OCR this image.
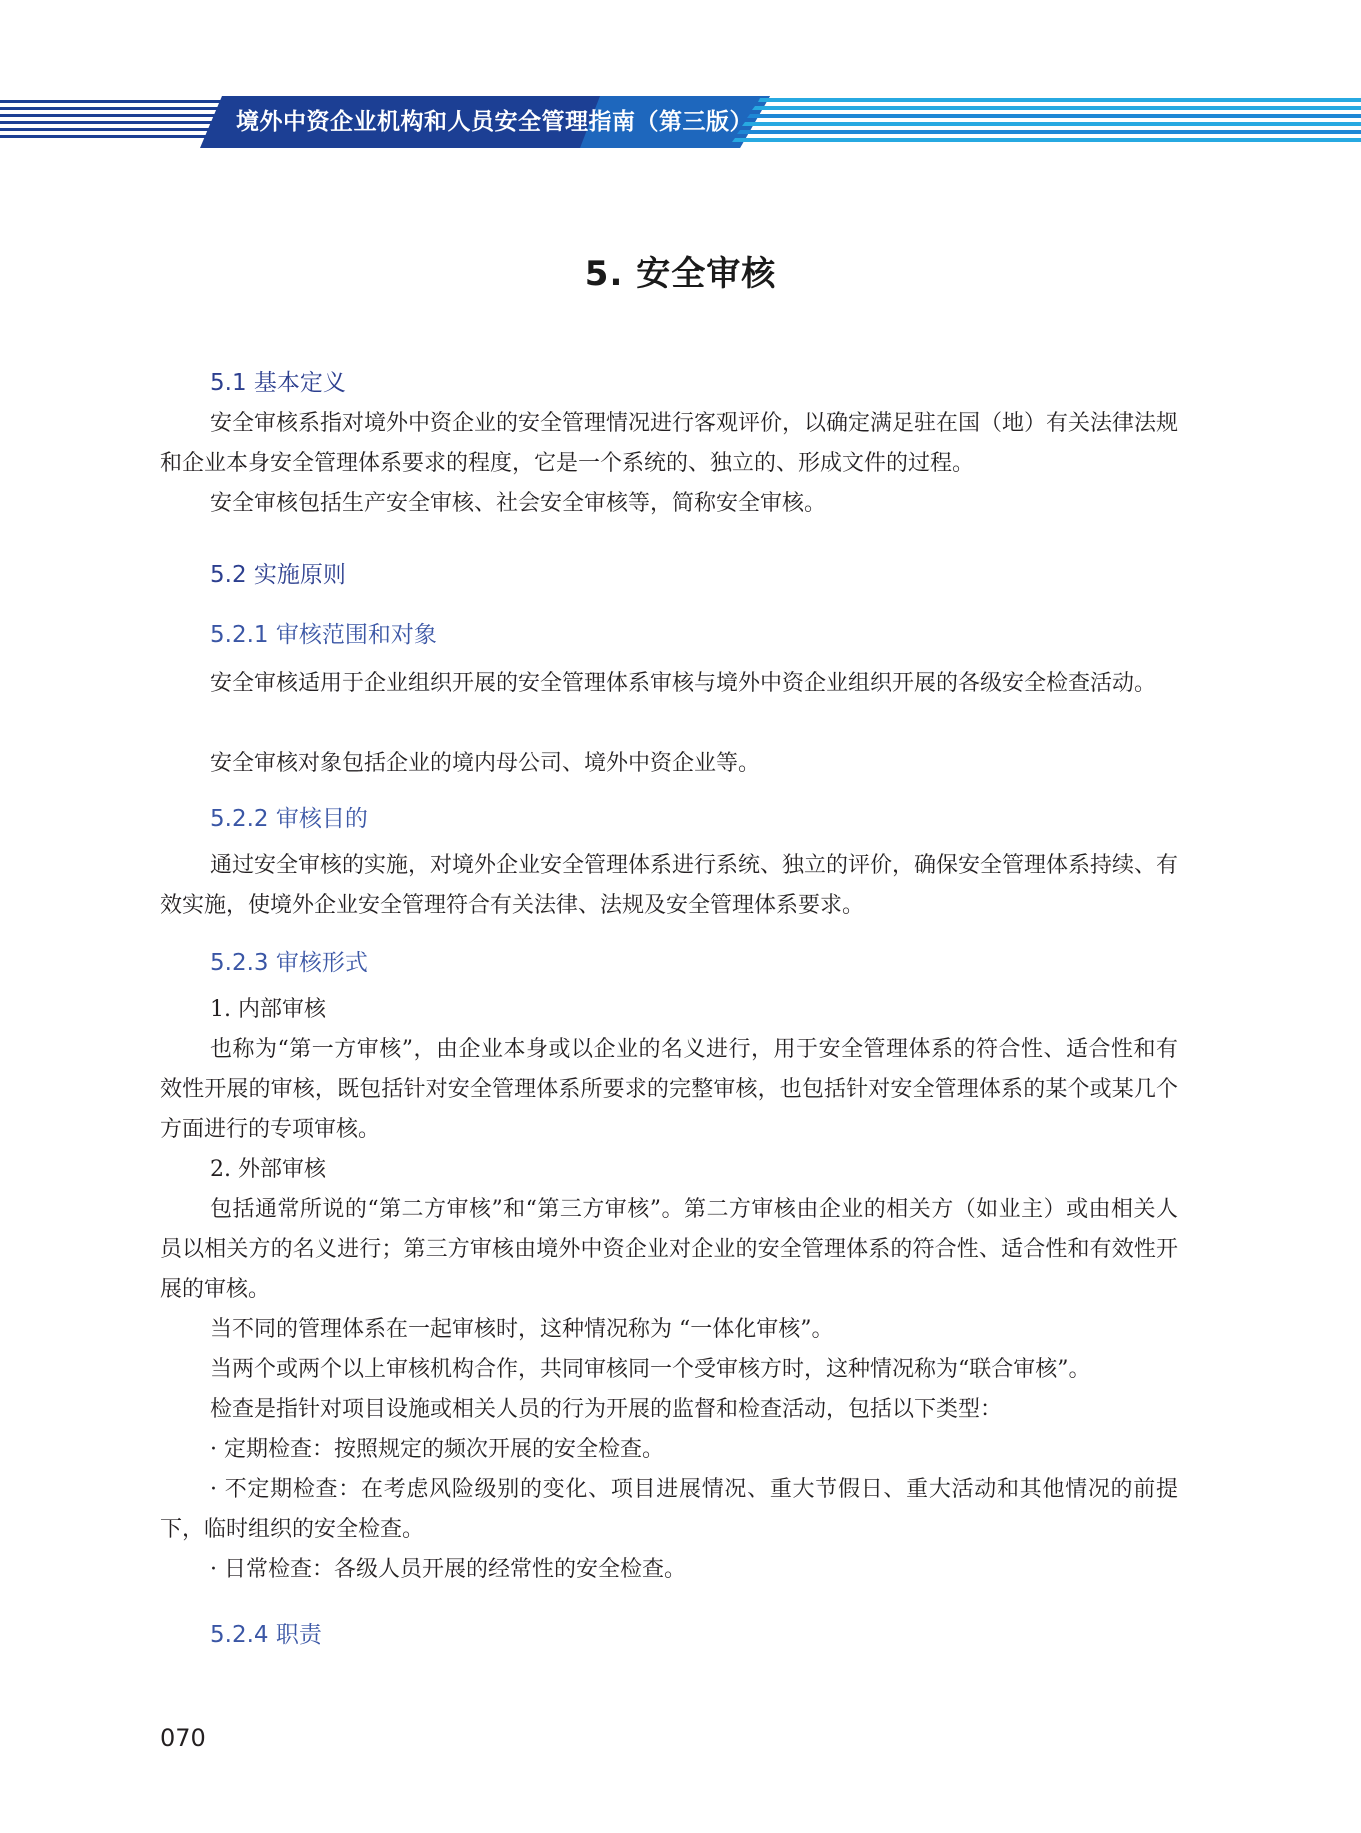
境外中资企业机构和人员安全管理指南（第三版）
5. 安全审核
5.1 基本定义

安全审核系指对境外中资企业的安全管理情况进行客观评价，以确定满足驻在国（地）有关法律法规和企业本身安全管理体系要求的程度，它是一个系统的、独立的、形成文件的过程。

安全审核包括生产安全审核、社会安全审核等，简称安全审核。

5.2 实施原则
5.2.1 审核范围和对象

安全审核适用于企业组织开展的安全管理体系审核与境外中资企业组织开展的各级安全检查活动。

安全审核对象包括企业的境内母公司、境外中资企业等。

5.2.2 审核目的

通过安全审核的实施，对境外企业安全管理体系进行系统、独立的评价，确保安全管理体系持续、有效实施，使境外企业安全管理符合有关法律、法规及安全管理体系要求。

5.2.3 审核形式

1. 内部审核

也称为“第一方审核”，由企业本身或以企业的名义进行，用于安全管理体系的符合性、适合性和有效性开展的审核，既包括针对安全管理体系所要求的完整审核，也包括针对安全管理体系的某个或某几个方面进行的专项审核。

2. 外部审核

包括通常所说的“第二方审核”和“第三方审核”。第二方审核由企业的相关方（如业主）或由相关人员以相关方的名义进行；第三方审核由境外中资企业对企业的安全管理体系的符合性、适合性和有效性开展的审核。

当不同的管理体系在一起审核时，这种情况称为 “一体化审核”。

当两个或两个以上审核机构合作，共同审核同一个受审核方时，这种情况称为“联合审核”。

检查是指针对项目设施或相关人员的行为开展的监督和检查活动，包括以下类型：

· 定期检查：按照规定的频次开展的安全检查。

· 不定期检查：在考虑风险级别的变化、项目进展情况、重大节假日、重大活动和其他情况的前提下，临时组织的安全检查。

· 日常检查：各级人员开展的经常性的安全检查。

5.2.4 职责
070
